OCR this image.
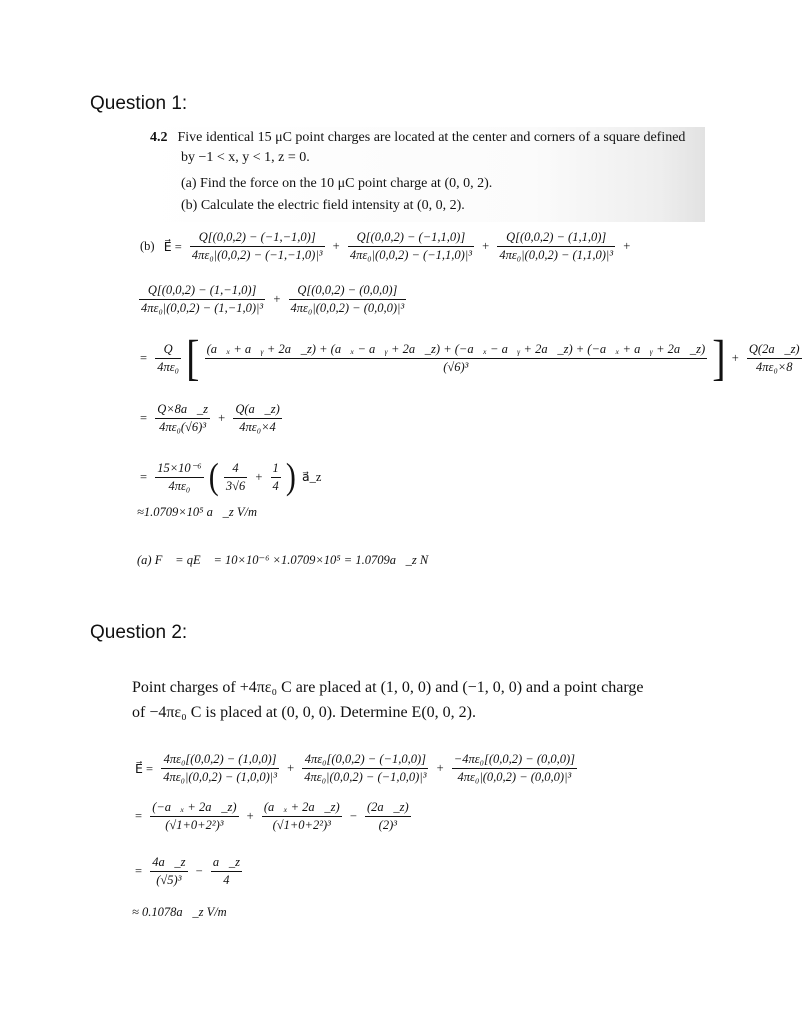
Question 1:
4.2 Five identical 15 μC point charges are located at the center and corners of a square defined
by −1 < x, y < 1, z = 0.
(a) Find the force on the 10 μC point charge at (0, 0, 2).
(b) Calculate the electric field intensity at (0, 0, 2).
(b) E⃗ = $\frac{Q[(0,0,2) - (-1,-1,0)]}{\text{4πε₀|(0,0,2) − (−1,−1,0)|³}} + \frac{Q[(0,0,2) - (-1,1,0)]}{\text{4πε₀|(0,0,2) − (−1,1,0)|³}} + \frac{Q[(0,0,2) - (1,1,0)]}{\text{4πε₀|(0,0,2) − (1,1,0)|³}}$ +
$\frac{Q[(0,0,2) - (1,-1,0)]}{\text{4πε₀|(0,0,2) − (1,−1,0)|³}} + \frac{Q[(0,0,2) - (0,0,0)]}{\text{4πε₀|(0,0,2) − (0,0,0)|³}}$
= $\frac{Q}{\text{4πε₀}}$ [ (a⃗ₓ + a⃗ᵧ + 2a⃗_z) + (a⃗ₓ − a⃗ᵧ + 2a⃗_z) + (−a⃗ₓ − a⃗ᵧ + 2a⃗_z) + (−a⃗ₓ + a⃗ᵧ + 2a⃗_z)
(√6)³	] + $\frac{Q(2a⃗\_z)}{\text{4πε₀×8}}$
= $\frac{Q\times 8a⃗\_z}{\text{4πε₀(√6)³}} + \frac{Q(a⃗\_z)}{\text{4πε₀×4}}$
= $\frac{\text{15×10⁻⁶}}{\text{4πε₀}}$ ( $\frac{4}{3√6} + \frac{1}{4}$ ) a⃗_z
≈1.0709×10⁵ a⃗_z V/m
(a) F⃗ = qE⃗ = 10×10⁻⁶ ×1.0709×10⁵ = 1.0709a⃗_z N
Question 2:
Point charges of +4πε₀ C are placed at (1, 0, 0) and (−1, 0, 0) and a point charge
of −4πε₀ C is placed at (0, 0, 0). Determine E(0, 0, 2).
E⃗ = $\frac{\text{4πε₀[(0,0,2) − (1,0,0)]}}{\text{4πε₀|(0,0,2) − (1,0,0)|³}} + \frac{\text{4πε₀[(0,0,2) − (−1,0,0)]}}{\text{4πε₀|(0,0,2) − (−1,0,0)|³}} + \frac{\text{−4πε₀[(0,0,2) − (0,0,0)]}}{\text{4πε₀|(0,0,2) − (0,0,0)|³}}$
= $\frac{\text{(−a⃗ₓ + 2a⃗\_z)}}{\text{(√1+0+2²)³}} + \frac{\text{(a⃗ₓ + 2a⃗\_z)}}{\text{(√1+0+2²)³}} - \frac{(2a⃗\_z)}{\text{(2)³}}$
= $\frac{4a⃗\_z}{\text{(√5)³}} - \frac{a⃗\_z}{4}$
≈ 0.1078a⃗_z V/m
